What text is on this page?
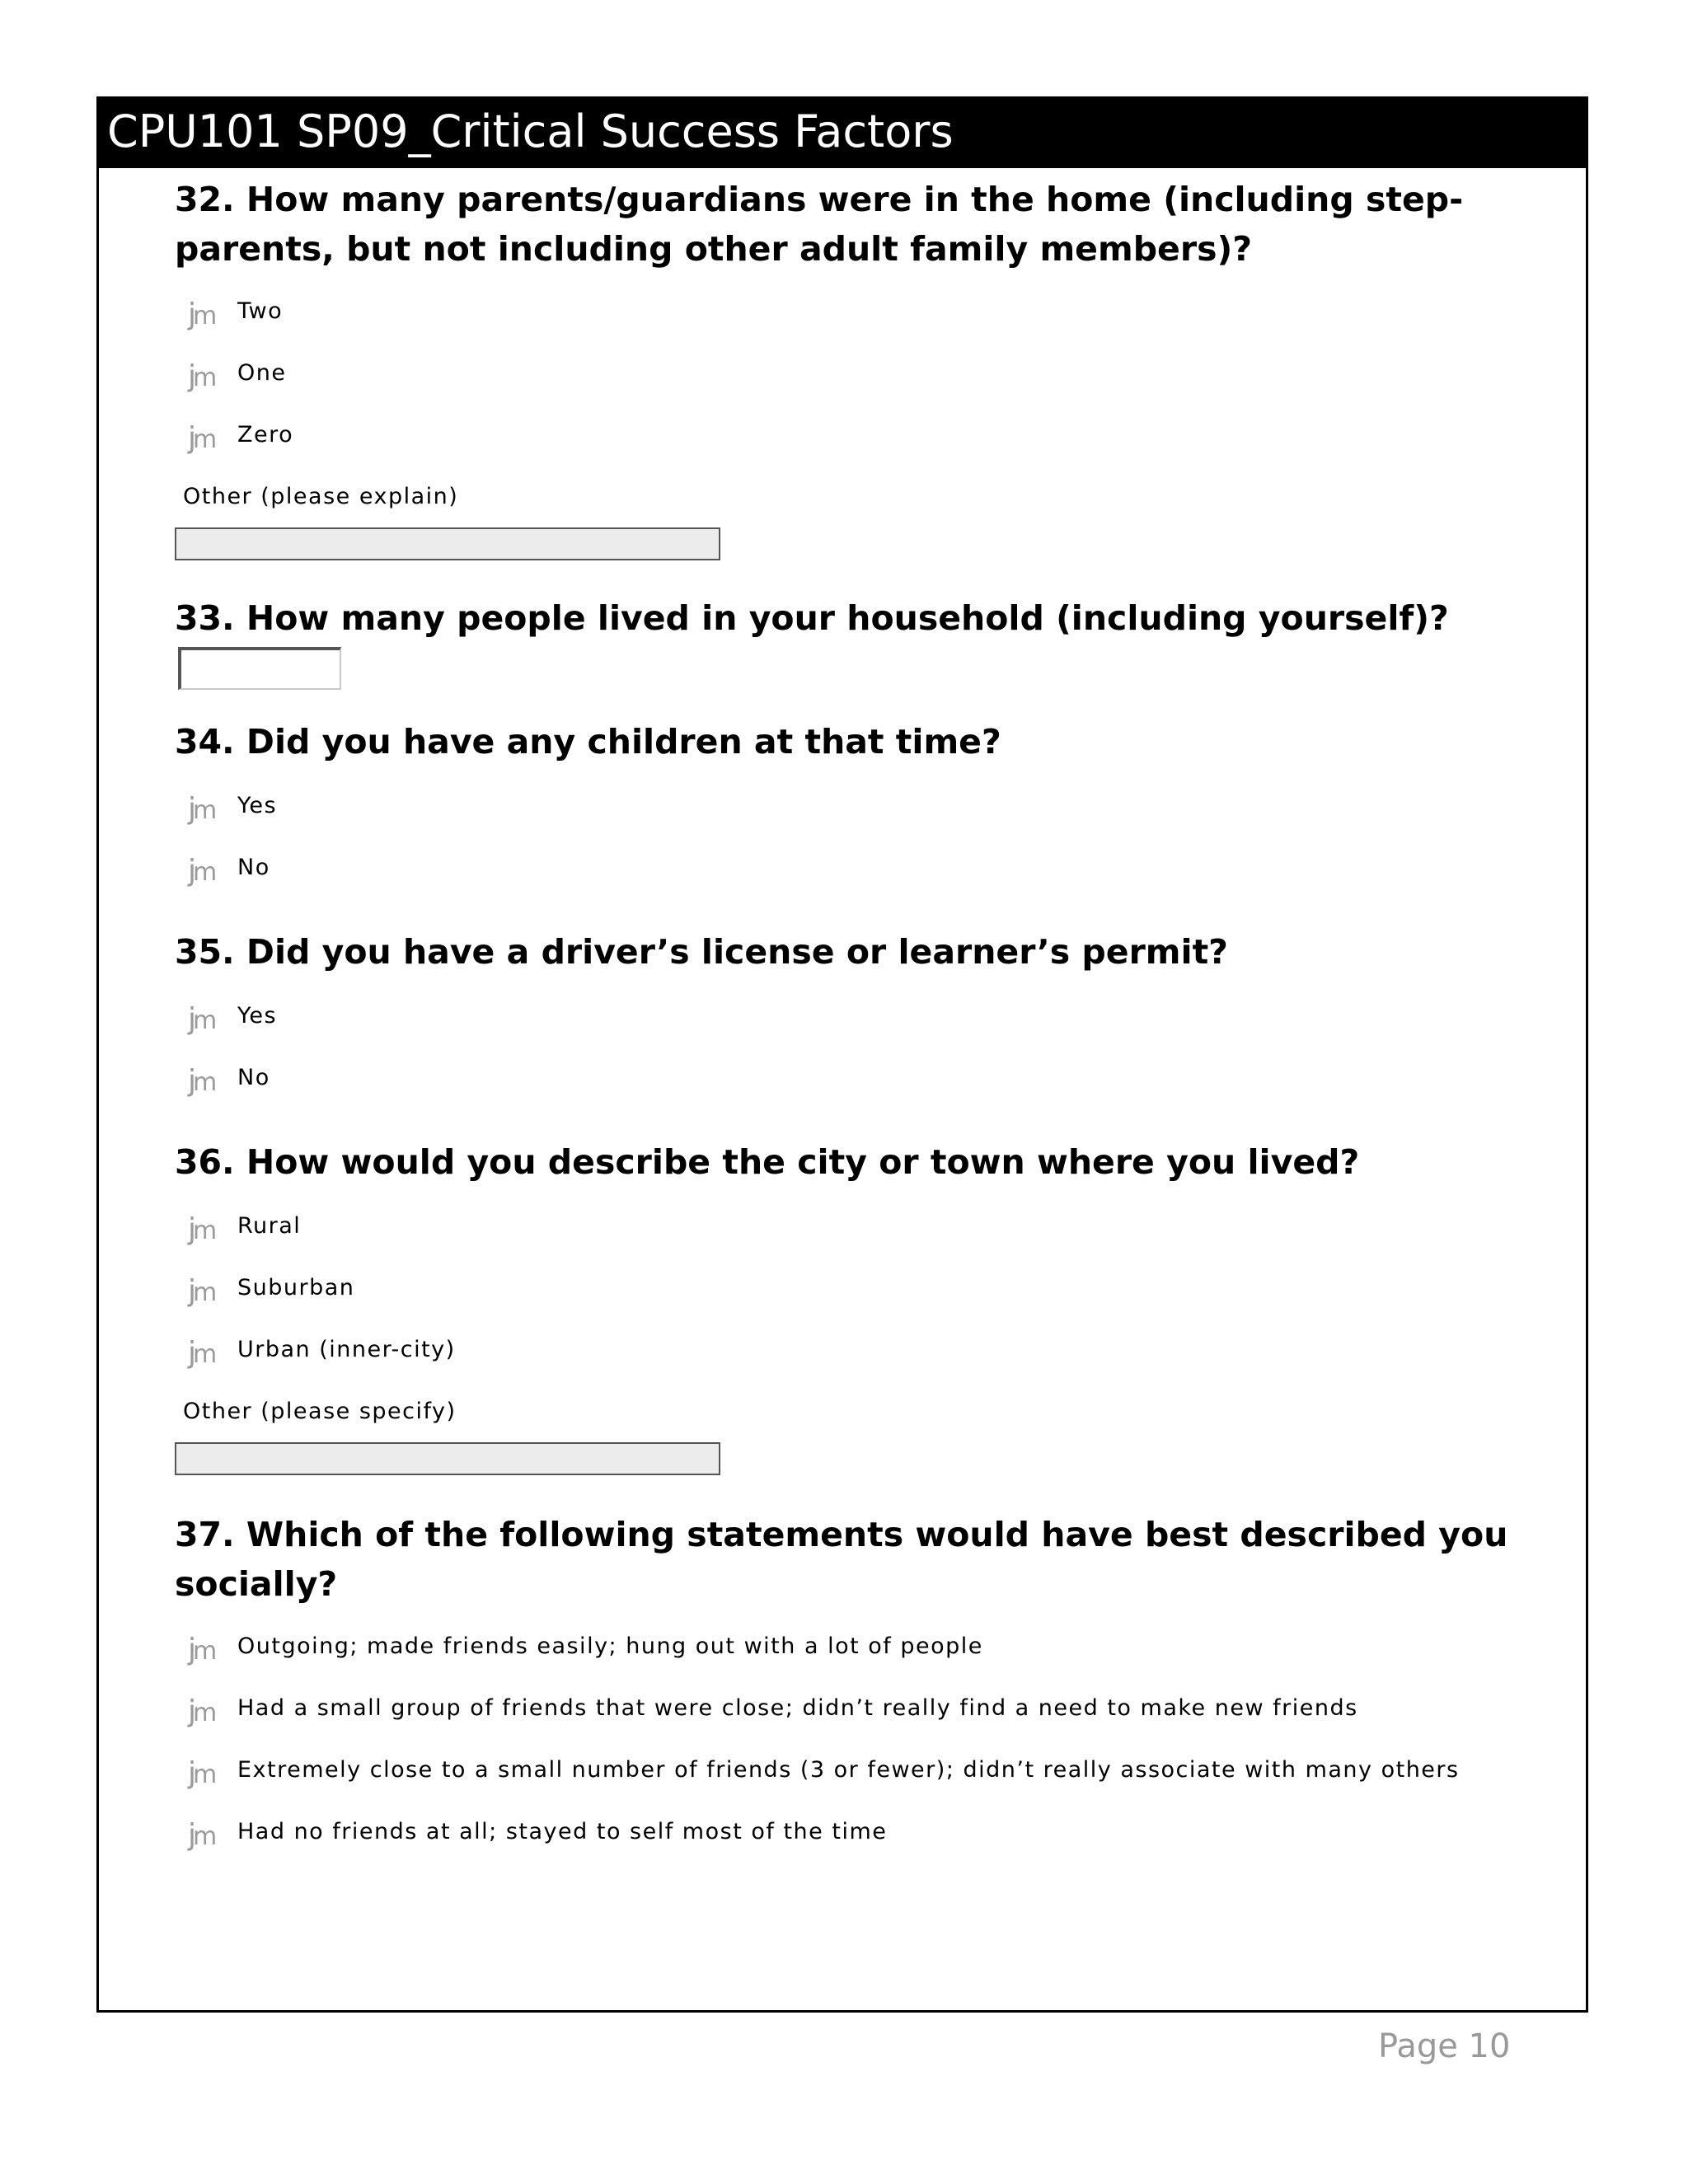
CPU101 SP09_Critical Success Factors

32. How many parents/guardians were in the home (including step-parents, but not including other adult family members)?

jm	Two
jm	One
jm	Zero
Other (please explain)

33. How many people lived in your household (including yourself)?

34. Did you have any children at that time?

jm	Yes
jm	No

35. Did you have a driver’s license or learner’s permit?

jm	Yes
jm	No

36. How would you describe the city or town where you lived?

jm	Rural
jm	Suburban
jm	Urban (inner-city)
Other (please specify)

37. Which of the following statements would have best described you socially?

jm	Outgoing; made friends easily; hung out with a lot of people
jm	Had a small group of friends that were close; didn’t really find a need to make new friends
jm	Extremely close to a small number of friends (3 or fewer); didn’t really associate with many others
jm	Had no friends at all; stayed to self most of the time
Page 10
